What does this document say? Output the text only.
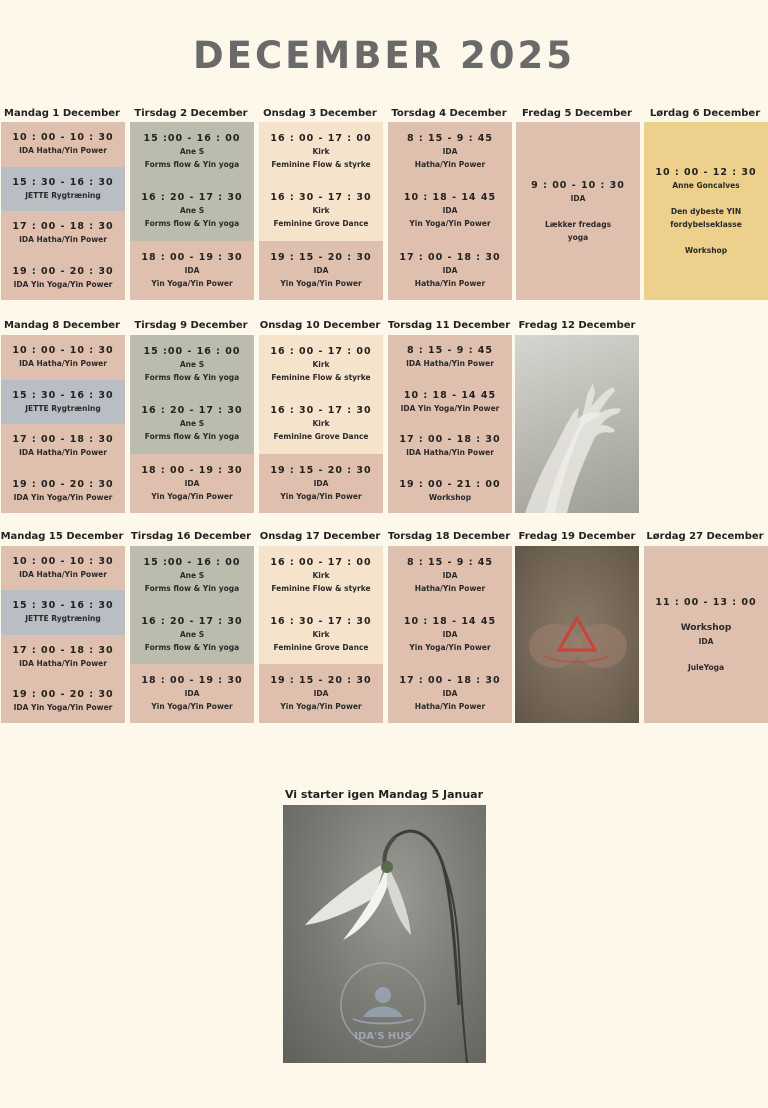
DECEMBER 2025
Mandag 1 December
10 : 00 - 10 : 30
IDA Hatha/Yin Power
15 : 30 - 16 : 30
JETTE Rygtræning
17 : 00 - 18 : 30
IDA Hatha/Yin Power
19 : 00 - 20 : 30
IDA Yin Yoga/Yin Power
Tirsdag 2 December
15 :00 - 16 : 00
Ane S
Forms flow & Yin yoga
16 : 20 - 17 : 30
Ane S
Forms flow & Yin yoga
18 : 00 - 19 : 30
IDA
Yin Yoga/Yin Power
Onsdag 3 December
16 : 00 - 17 : 00
Kirk
Feminine Flow & styrke
16 : 30 - 17 : 30
Kirk
Feminine Grove Dance
19 : 15 - 20 : 30
IDA
Yin Yoga/Yin Power
Torsdag 4 December
8 : 15 - 9 : 45
IDA
Hatha/Yin Power
10 : 18 - 14 45
IDA
Yin Yoga/Yin Power
17 : 00 - 18 : 30
IDA
Hatha/Yin Power
Fredag 5 December
9 : 00 - 10 : 30
IDA

Lækker fredags
yoga
Lørdag 6 December
10 : 00 - 12 : 30
Anne Goncalves

Den dybeste YIN
fordybelseklasse

Workshop
Mandag 8 December
10 : 00 - 10 : 30
IDA Hatha/Yin Power
15 : 30 - 16 : 30
JETTE Rygtræning
17 : 00 - 18 : 30
IDA Hatha/Yin Power
19 : 00 - 20 : 30
IDA Yin Yoga/Yin Power
Tirsdag 9 December
15 :00 - 16 : 00
Ane S
Forms flow & Yin yoga
16 : 20 - 17 : 30
Ane S
Forms flow & Yin yoga
18 : 00 - 19 : 30
IDA
Yin Yoga/Yin Power
Onsdag 10 December
16 : 00 - 17 : 00
Kirk
Feminine Flow & styrke
16 : 30 - 17 : 30
Kirk
Feminine Grove Dance
19 : 15 - 20 : 30
IDA
Yin Yoga/Yin Power
Torsdag 11 December
8 : 15 - 9 : 45
IDA Hatha/Yin Power
10 : 18 - 14 45
IDA Yin Yoga/Yin Power
17 : 00 - 18 : 30
IDA Hatha/Yin Power
19 : 00 - 21 : 00
Workshop
Fredag 12 December
Mandag 15 December
10 : 00 - 10 : 30
IDA Hatha/Yin Power
15 : 30 - 16 : 30
JETTE Rygtræning
17 : 00 - 18 : 30
IDA Hatha/Yin Power
19 : 00 - 20 : 30
IDA Yin Yoga/Yin Power
Tirsdag 16 December
15 :00 - 16 : 00
Ane S
Forms flow & Yin yoga
16 : 20 - 17 : 30
Ane S
Forms flow & Yin yoga
18 : 00 - 19 : 30
IDA
Yin Yoga/Yin Power
Onsdag 17 December
16 : 00 - 17 : 00
Kirk
Feminine Flow & styrke
16 : 30 - 17 : 30
Kirk
Feminine Grove Dance
19 : 15 - 20 : 30
IDA
Yin Yoga/Yin Power
Torsdag 18 December
8 : 15 - 9 : 45
IDA
Hatha/Yin Power
10 : 18 - 14 45
IDA
Yin Yoga/Yin Power
17 : 00 - 18 : 30
IDA
Hatha/Yin Power
Fredag 19 December	Lørdag 27 December
11 : 00 - 13 : 00

Workshop
IDA

JuleYoga
Vi starter igen Mandag 5 Januar
IDA'S HUS
